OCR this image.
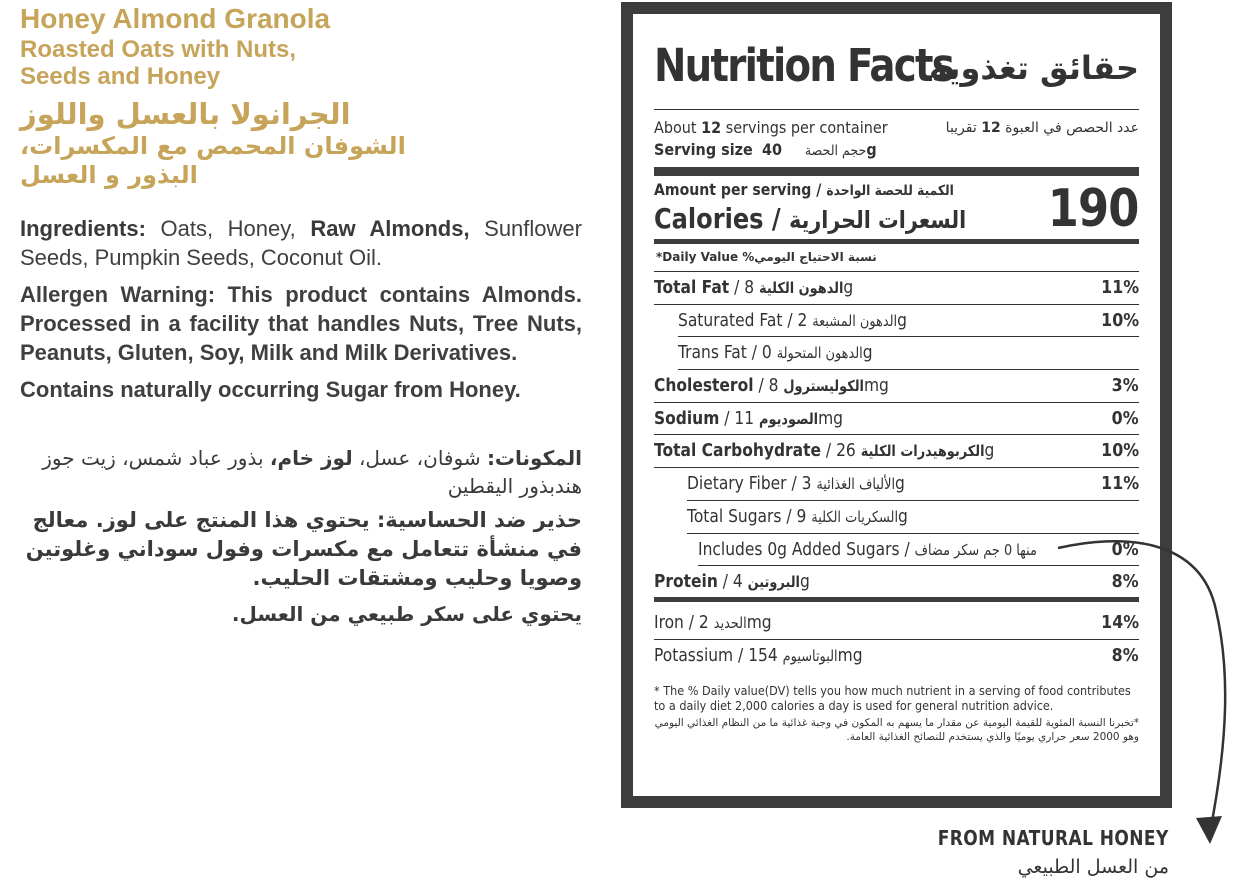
Honey Almond Granola
Roasted Oats with Nuts,
Seeds and Honey
الجرانولا بالعسل واللوز
الشوفان المحمص مع المكسرات،
البذور و العسل

Ingredients: Oats, Honey, Raw Almonds, Sunflower Seeds, Pumpkin Seeds, Coconut Oil.

Allergen Warning: This product contains Almonds. Processed in a facility that handles Nuts, Tree Nuts, Peanuts, Gluten, Soy, Milk and Milk Derivatives.

Contains naturally occurring Sugar from Honey.

المكونات: شوفان، عسل، لوز خام، بذور عباد شمس، زيت جوز هندبذور اليقطين

حذير ضد الحساسية: يحتوي هذا المنتج على لوز. معالج في منشأة تتعامل مع مكسرات وفول سوداني وغلوتين وصويا وحليب ومشتقات الحليب.

يحتوي على سكر طبيعي من العسل.

Nutrition Facts
حقائق تغذوية
About 12 servings per container	عدد الحصص في العبوة 12 تقريبا
Serving size	حجم الحصة     40g
Amount per serving / الكمية للحصة الواحدة
Calories / السعرات الحرارية 190
نسبة الاحتياج اليومي% Daily Value*
Total Fat / الدهون الكلية 8g	11%
Saturated Fat / الدهون المشبعة 2g	10%
Trans Fat / الدهون المتحولة 0g
Cholesterol / الكوليسترول 8mg	3%
Sodium / الصوديوم 11mg	0%
Total Carbohydrate / الكربوهيدرات الكلية 26g	10%
Dietary Fiber / الألياف الغذائية 3g	11%
Total Sugars / السكريات الكلية 9g
Includes 0g Added Sugars / منها 0 جم سكر مضاف	0%
Protein / البروتين 4g	8%
Iron / الحديد 2mg	14%
Potassium / البوتاسيوم 154mg	8%
* The % Daily value(DV) tells you how much nutrient in a serving of food contributes to a daily diet 2,000 calories a day is used for general nutrition advice.
*تخبرنا النسبة المئوية للقيمة اليومية عن مقدار ما يسهم به المكون في وجبة غذائية ما من النظام الغذائي اليومي وهو 2000 سعر حراري يوميًا والذي يستخدم للنصائح الغذائية العامة.
FROM NATURAL HONEY
من العسل الطبيعي
